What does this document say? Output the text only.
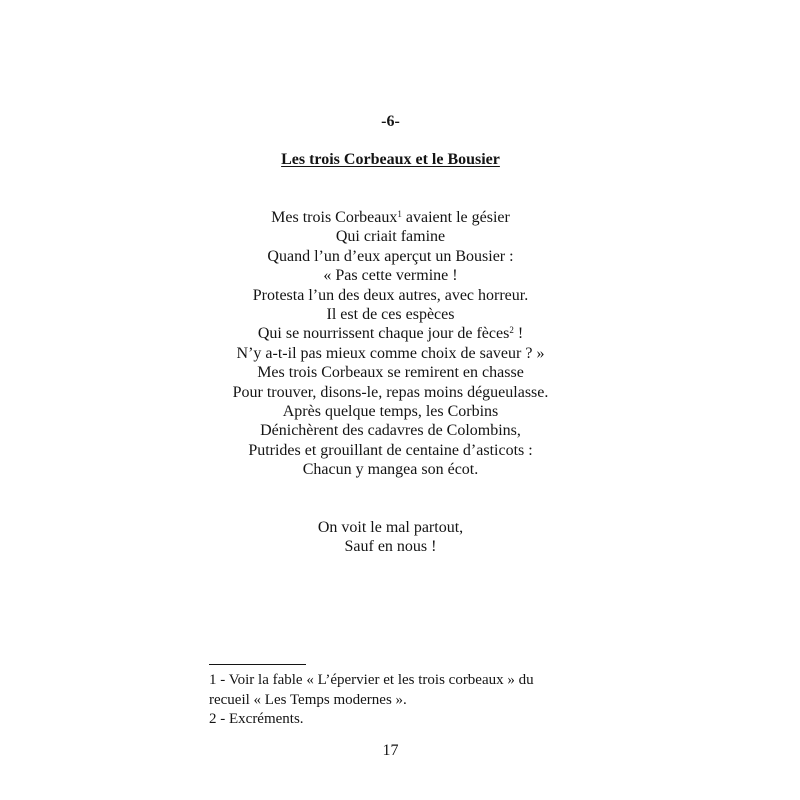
-6-
Les trois Corbeaux et le Bousier
Mes trois Corbeaux$^1$ avaient le gésier
Qui criait famine
Quand l’un d’eux aperçut un Bousier :
« Pas cette vermine !
Protesta l’un des deux autres, avec horreur.
Il est de ces espèces
Qui se nourrissent chaque jour de fèces$^2$ !
N’y a-t-il pas mieux comme choix de saveur ? »
Mes trois Corbeaux se remirent en chasse
Pour trouver, disons-le, repas moins dégueulasse.
Après quelque temps, les Corbins
Dénichèrent des cadavres de Colombins,
Putrides et grouillant de centaine d’asticots :
Chacun y mangea son écot.
On voit le mal partout,
Sauf en nous !
1 - Voir la fable « L’épervier et les trois corbeaux » du
recueil « Les Temps modernes ».
2 - Excréments.
17
